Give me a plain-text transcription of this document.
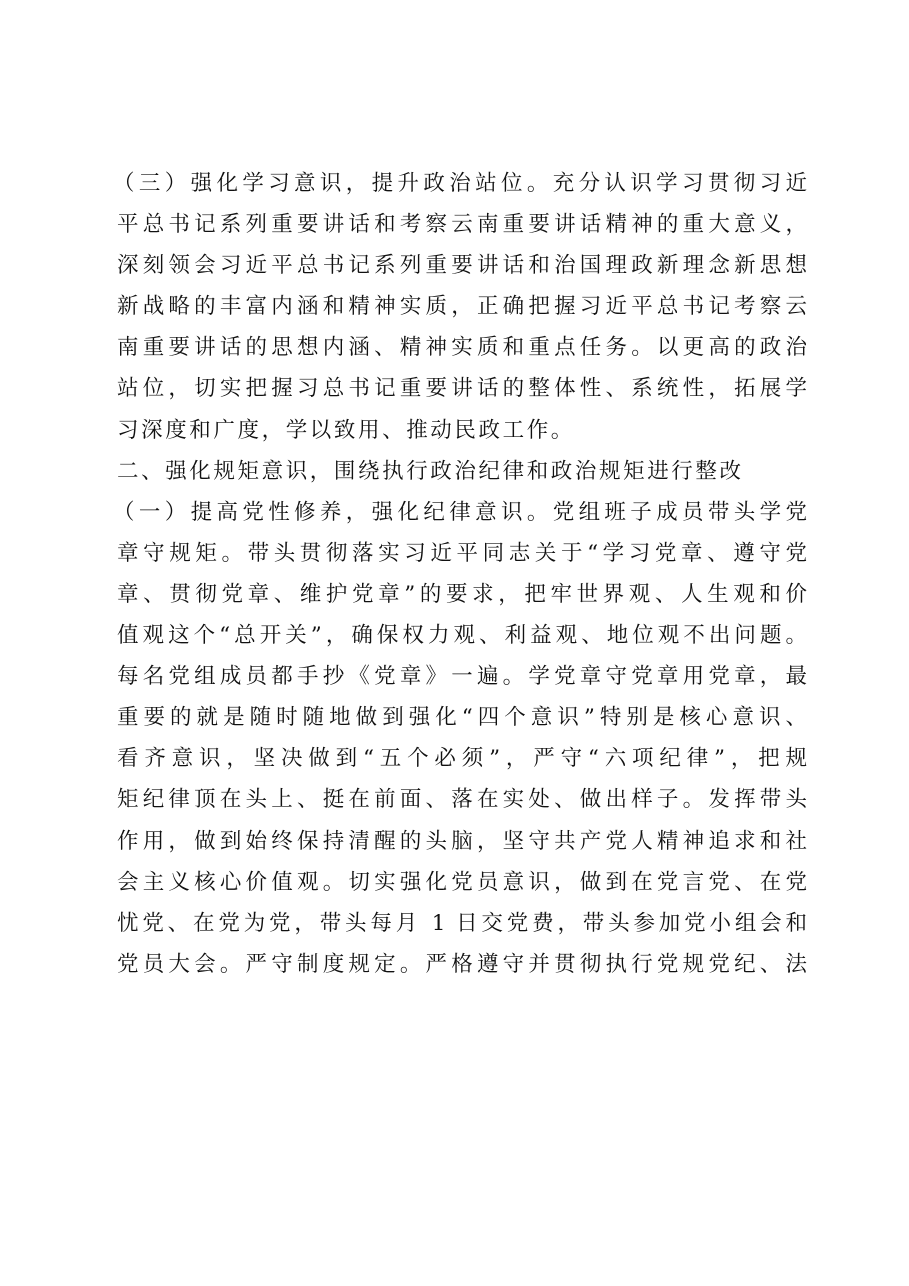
（三）强化学习意识，提升政治站位。充分认识学习贯彻习近
平总书记系列重要讲话和考察云南重要讲话精神的重大意义，
深刻领会习近平总书记系列重要讲话和治国理政新理念新思想
新战略的丰富内涵和精神实质，正确把握习近平总书记考察云
南重要讲话的思想内涵、精神实质和重点任务。以更高的政治
站位，切实把握习总书记重要讲话的整体性、系统性，拓展学
习深度和广度，学以致用、推动民政工作。
二、强化规矩意识，围绕执行政治纪律和政治规矩进行整改
（一）提高党性修养，强化纪律意识。党组班子成员带头学党
章守规矩。带头贯彻落实习近平同志关于“学习党章、遵守党
章、贯彻党章、维护党章”的要求，把牢世界观、人生观和价
值观这个“总开关”，确保权力观、利益观、地位观不出问题。
每名党组成员都手抄《党章》一遍。学党章守党章用党章，最
重要的就是随时随地做到强化“四个意识”特别是核心意识、
看齐意识，坚决做到“五个必须”，严守“六项纪律”，把规
矩纪律顶在头上、挺在前面、落在实处、做出样子。发挥带头
作用，做到始终保持清醒的头脑，坚守共产党人精神追求和社
会主义核心价值观。切实强化党员意识，做到在党言党、在党
忧党、在党为党，带头每月 1 日交党费，带头参加党小组会和
党员大会。严守制度规定。严格遵守并贯彻执行党规党纪、法
